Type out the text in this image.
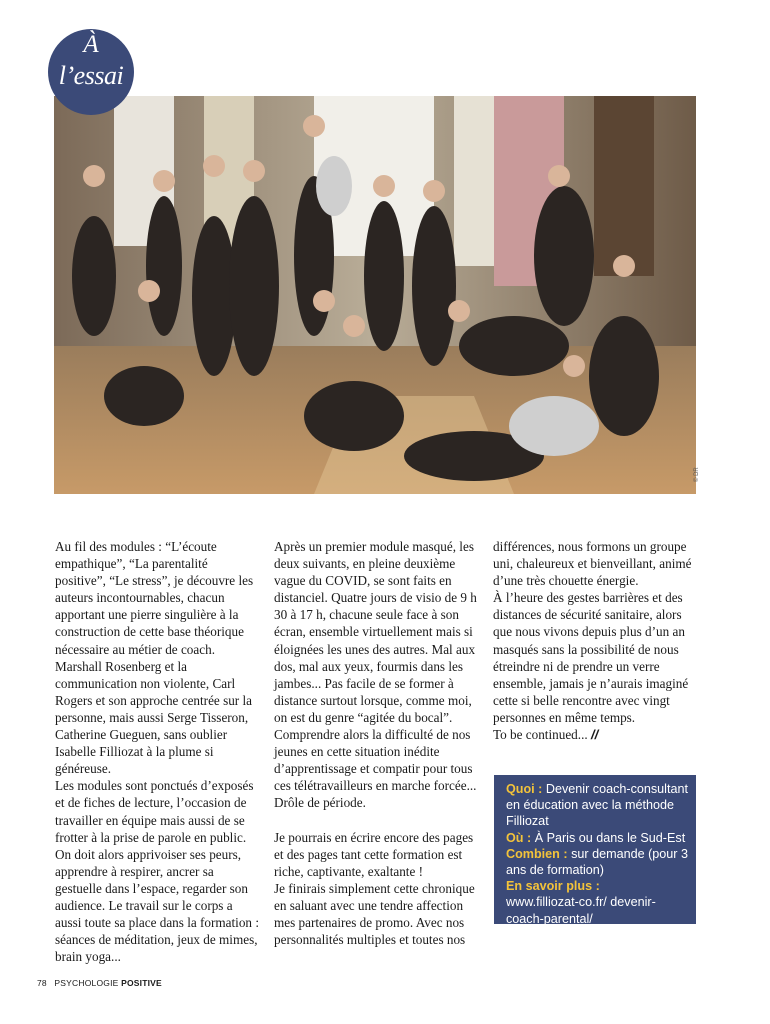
À
l’essai
© DR

Au fil des modules : “L’écoute empathique”, “La parentalité positive”, “Le stress”, je découvre les auteurs incontournables, chacun apportant une pierre singulière à la construction de cette base théorique nécessaire au métier de coach. Marshall Rosenberg et la communication non violente, Carl Rogers et son approche centrée sur la personne, mais aussi Serge Tisseron, Catherine Gueguen, sans oublier Isabelle Filliozat à la plume si généreuse.

Les modules sont ponctués d’exposés et de fiches de lecture, l’occasion de travailler en équipe mais aussi de se frotter à la prise de parole en public. On doit alors apprivoiser ses peurs, apprendre à respirer, ancrer sa gestuelle dans l’espace, regarder son audience. Le travail sur le corps a aussi toute sa place dans la formation : séances de méditation, jeux de mimes, brain yoga...

Après un premier module masqué, les deux suivants, en pleine deuxième vague du COVID, se sont faits en distanciel. Quatre jours de visio de 9 h 30 à 17 h, chacune seule face à son écran, ensemble virtuellement mais si éloignées les unes des autres. Mal aux dos, mal aux yeux, fourmis dans les jambes... Pas facile de se former à distance surtout lorsque, comme moi, on est du genre “agitée du bocal”. Comprendre alors la difficulté de nos jeunes en cette situation inédite d’apprentissage et compatir pour tous ces télétravailleurs en marche forcée... Drôle de période.

Je pourrais en écrire encore des pages et des pages tant cette formation est riche, captivante, exaltante !

Je finirais simplement cette chronique en saluant avec une tendre affection mes partenaires de promo. Avec nos personnalités multiples et toutes nos

différences, nous formons un groupe uni, chaleureux et bienveillant, animé d’une très chouette énergie.

À l’heure des gestes barrières et des distances de sécurité sanitaire, alors que nous vivons depuis plus d’un an masqués sans la possibilité de nous étreindre ni de prendre un verre ensemble, jamais je n’aurais imaginé cette si belle rencontre avec vingt personnes en même temps.

To be continued... //

Quoi : Devenir coach-consultant en éducation avec la méthode Filliozat

Où : À Paris ou dans le Sud-Est

Combien : sur demande (pour 3 ans de formation)

En savoir plus :
www.filliozat-co.fr/ devenir-coach-parental/

78 PSYCHOLOGIE POSITIVE
